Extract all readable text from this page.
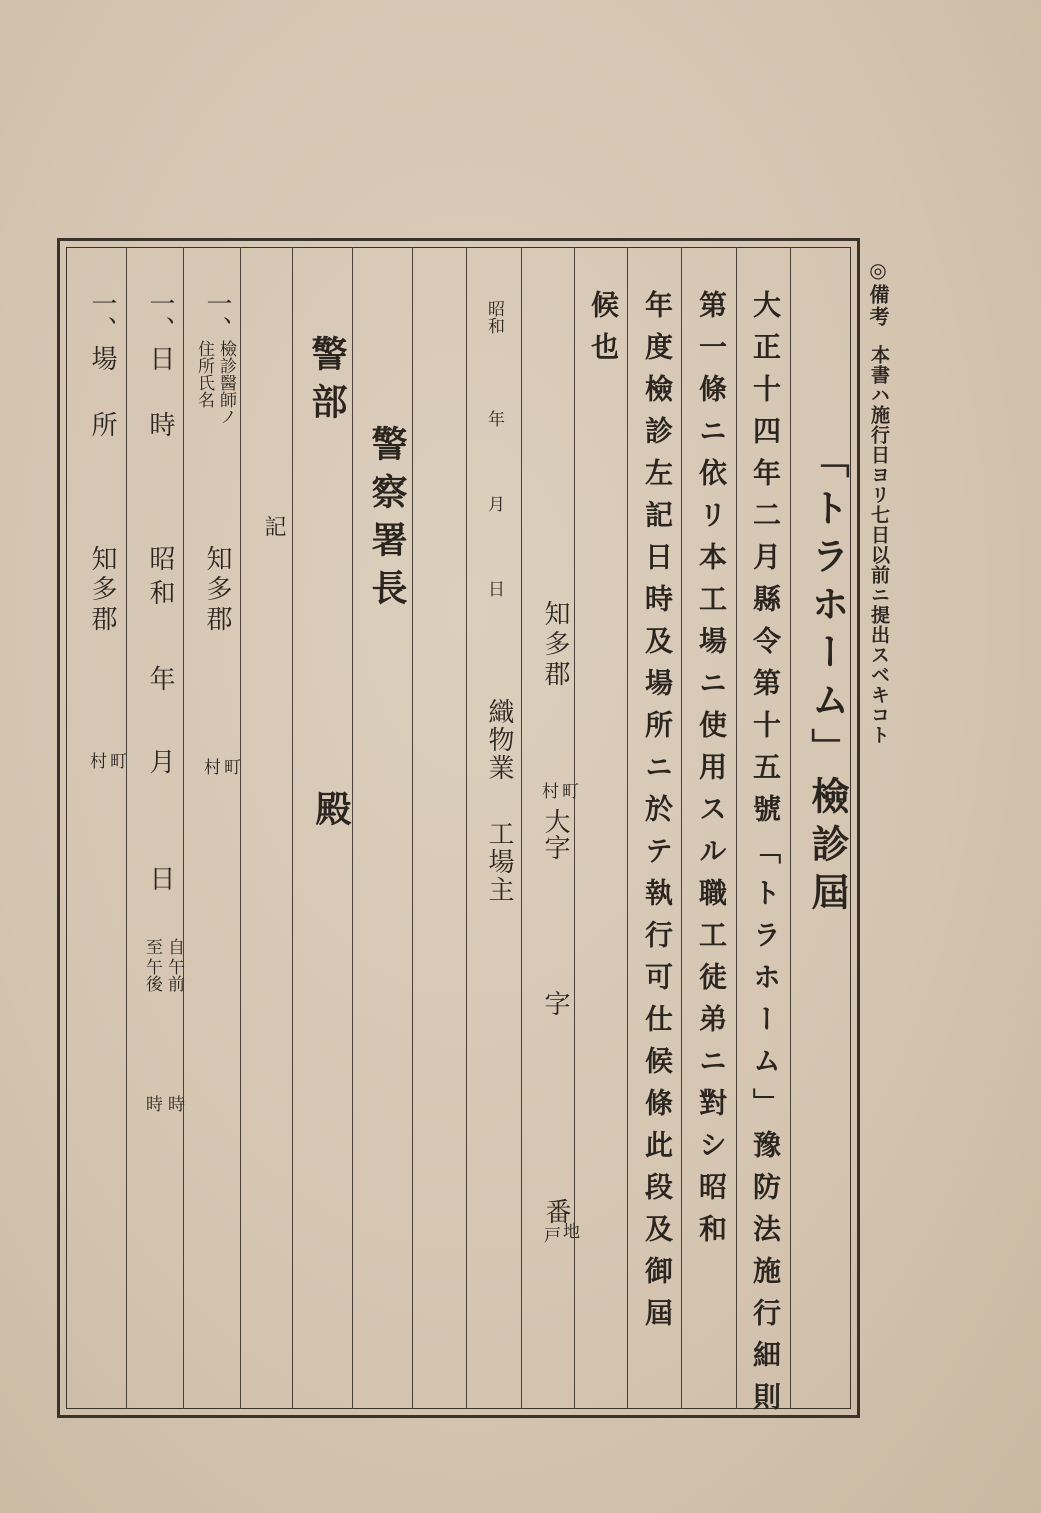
◎備考
本書ハ施行日ヨリ七日以前ニ提出スベキコト
「トラホーム」檢診屆
大正十四年二月縣令第十五號「トラホーム」豫防法施行細則
第一條ニ依リ本工場ニ使用スル職工徒弟ニ對シ昭和
年度檢診左記日時及場所ニ於テ執行可仕候條此段及御屆
候也
知多郡
町
村
大字
字
番
地
戸
昭和
年
月
日
織物業
工場主
警察署長
警部
殿
記
一、
檢診醫師ノ
住所氏名
知多郡
町
村
一、
日時
昭和
年
月
日
自
午前
至
午後
時
時
一、
場所
知多郡
町
村
